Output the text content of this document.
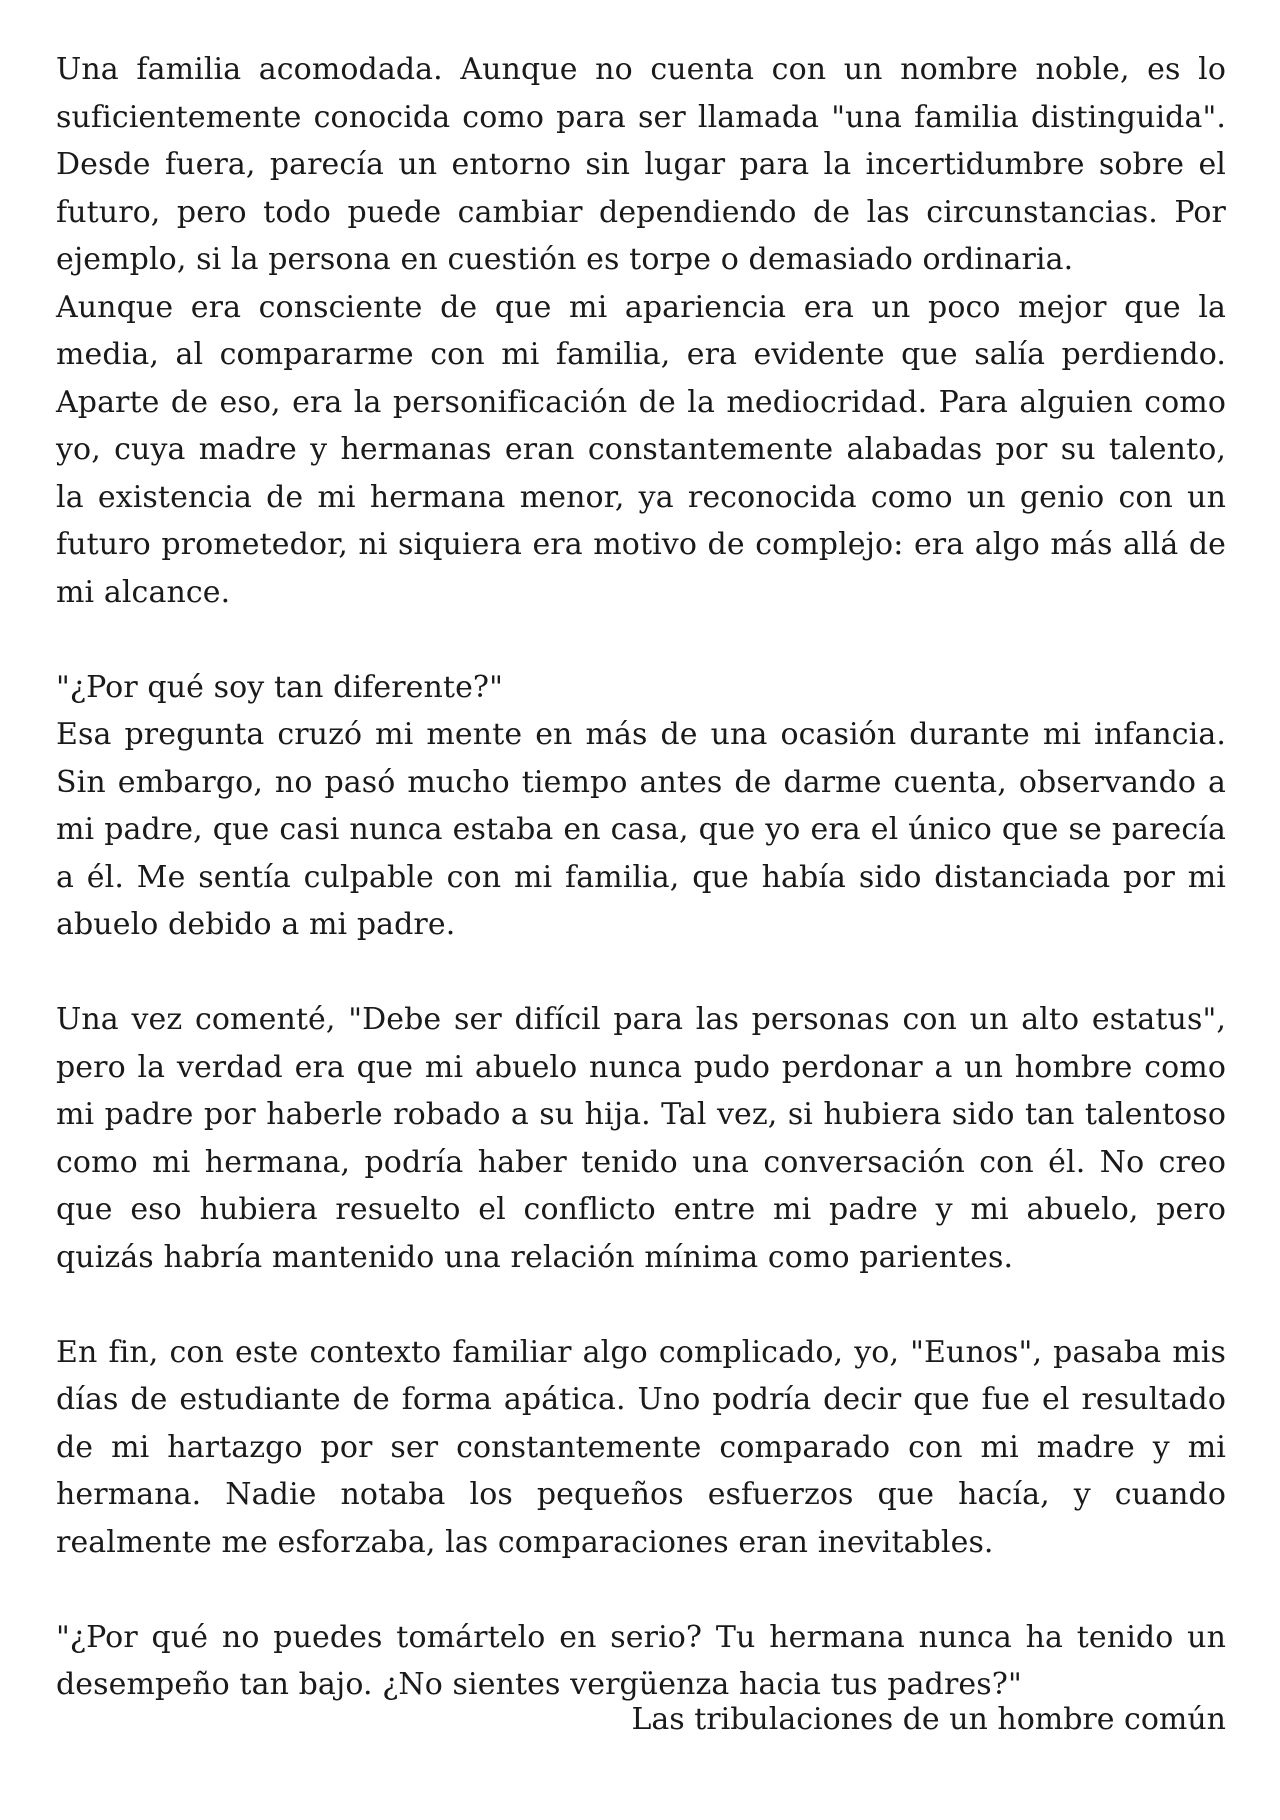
Una familia acomodada. Aunque no cuenta con un nombre noble, es lo suficientemente conocida como para ser llamada "una familia distinguida". Desde fuera, parecía un entorno sin lugar para la incertidumbre sobre el futuro, pero todo puede cambiar dependiendo de las circunstancias. Por ejemplo, si la persona en cuestión es torpe o demasiado ordinaria.

Aunque era consciente de que mi apariencia era un poco mejor que la media, al compararme con mi familia, era evidente que salía perdiendo. Aparte de eso, era la personificación de la mediocridad. Para alguien como yo, cuya madre y hermanas eran constantemente alabadas por su talento, la existencia de mi hermana menor, ya reconocida como un genio con un futuro prometedor, ni siquiera era motivo de complejo: era algo más allá de mi alcance.

"¿Por qué soy tan diferente?"

Esa pregunta cruzó mi mente en más de una ocasión durante mi infancia. Sin embargo, no pasó mucho tiempo antes de darme cuenta, observando a mi padre, que casi nunca estaba en casa, que yo era el único que se parecía a él. Me sentía culpable con mi familia, que había sido distanciada por mi abuelo debido a mi padre.

Una vez comenté, "Debe ser difícil para las personas con un alto estatus", pero la verdad era que mi abuelo nunca pudo perdonar a un hombre como mi padre por haberle robado a su hija. Tal vez, si hubiera sido tan talentoso como mi hermana, podría haber tenido una conversación con él. No creo que eso hubiera resuelto el conflicto entre mi padre y mi abuelo, pero quizás habría mantenido una relación mínima como parientes.

En fin, con este contexto familiar algo complicado, yo, "Eunos", pasaba mis días de estudiante de forma apática. Uno podría decir que fue el resultado de mi hartazgo por ser constantemente comparado con mi madre y mi hermana. Nadie notaba los pequeños esfuerzos que hacía, y cuando realmente me esforzaba, las comparaciones eran inevitables.

"¿Por qué no puedes tomártelo en serio? Tu hermana nunca ha tenido un desempeño tan bajo. ¿No sientes vergüenza hacia tus padres?"

Las tribulaciones de un hombre común
